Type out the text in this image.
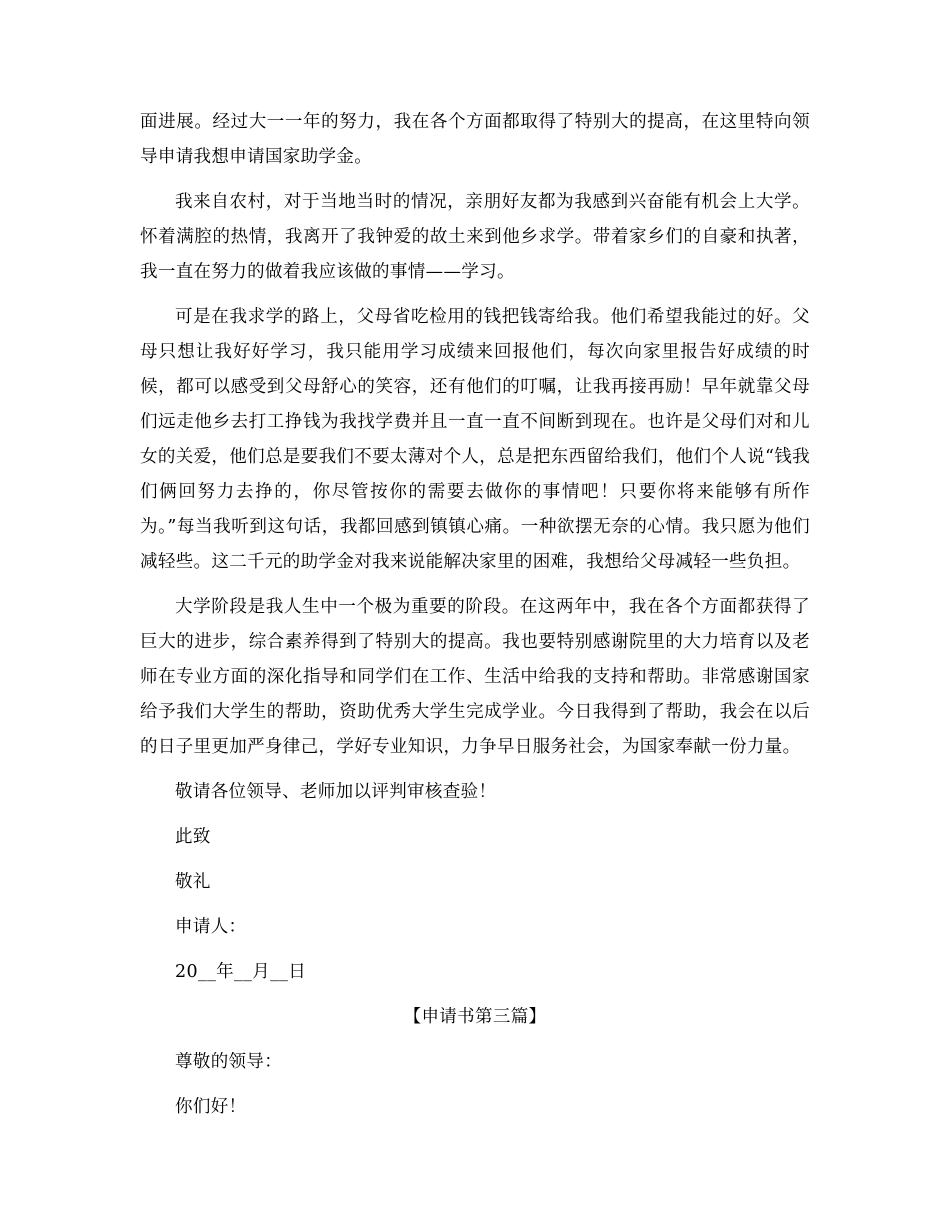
面进展。经过大一一年的努力，我在各个方面都取得了特别大的提高，在这里特向领导申请我想申请国家助学金。

我来自农村，对于当地当时的情况，亲朋好友都为我感到兴奋能有机会上大学。怀着满腔的热情，我离开了我钟爱的故土来到他乡求学。带着家乡们的自豪和执著，我一直在努力的做着我应该做的事情——学习。

可是在我求学的路上，父母省吃检用的钱把钱寄给我。他们希望我能过的好。父母只想让我好好学习，我只能用学习成绩来回报他们，每次向家里报告好成绩的时候，都可以感受到父母舒心的笑容，还有他们的叮嘱，让我再接再励！早年就靠父母们远走他乡去打工挣钱为我找学费并且一直一直不间断到现在。也许是父母们对和儿女的关爱，他们总是要我们不要太薄对个人，总是把东西留给我们，他们个人说“钱我们俩回努力去挣的，你尽管按你的需要去做你的事情吧！只要你将来能够有所作为。”每当我听到这句话，我都回感到镇镇心痛。一种欲摆无奈的心情。我只愿为他们减轻些。这二千元的助学金对我来说能解决家里的困难，我想给父母减轻一些负担。

大学阶段是我人生中一个极为重要的阶段。在这两年中，我在各个方面都获得了巨大的进步，综合素养得到了特别大的提高。我也要特别感谢院里的大力培育以及老师在专业方面的深化指导和同学们在工作、生活中给我的支持和帮助。非常感谢国家给予我们大学生的帮助，资助优秀大学生完成学业。今日我得到了帮助，我会在以后的日子里更加严身律己，学好专业知识，力争早日服务社会，为国家奉献一份力量。

敬请各位领导、老师加以评判审核查验！

此致

敬礼

申请人：

20__年__月__日

【申请书第三篇】

尊敬的领导：

你们好！
